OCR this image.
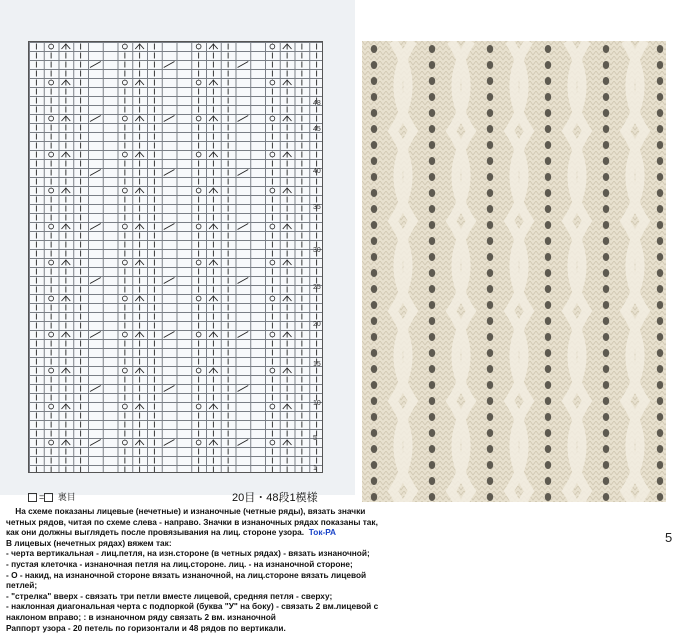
48
45
40
35
30
25
20
15
10
5
1
= 裏目	20目・48段1模様
5
На схеме показаны лицевые (нечетные) и изнаночные (четные ряды), вязать значки
четных рядов, читая по схеме слева - направо. Значки в изнаночных рядах показаны так,
как они должны выглядеть после провязывания на лиц. стороне узора. Ток-РА
В лицевых (нечетных рядах) вяжем так:
- черта вертикальная - лиц.петля, на изн.стороне (в четных рядах) - вязать изнаночной;
- пустая клеточка - изнаночная петля на лиц.стороне. лиц. - на изнаночной стороне;
- О - накид, на изнаночной стороне вязать изнаночной, на лиц.стороне вязать лицевой
петлей;
- "стрелка" вверх - связать три петли вместе лицевой, средняя петля - сверху;
- наклонная диагональная черта с подпоркой (буква "У" на боку) - связать 2 вм.лицевой с
наклоном вправо; : в изнаночном ряду связать 2 вм. изнаночной
Раппорт узора - 20 петель по горизонтали и 48 рядов по вертикали.
